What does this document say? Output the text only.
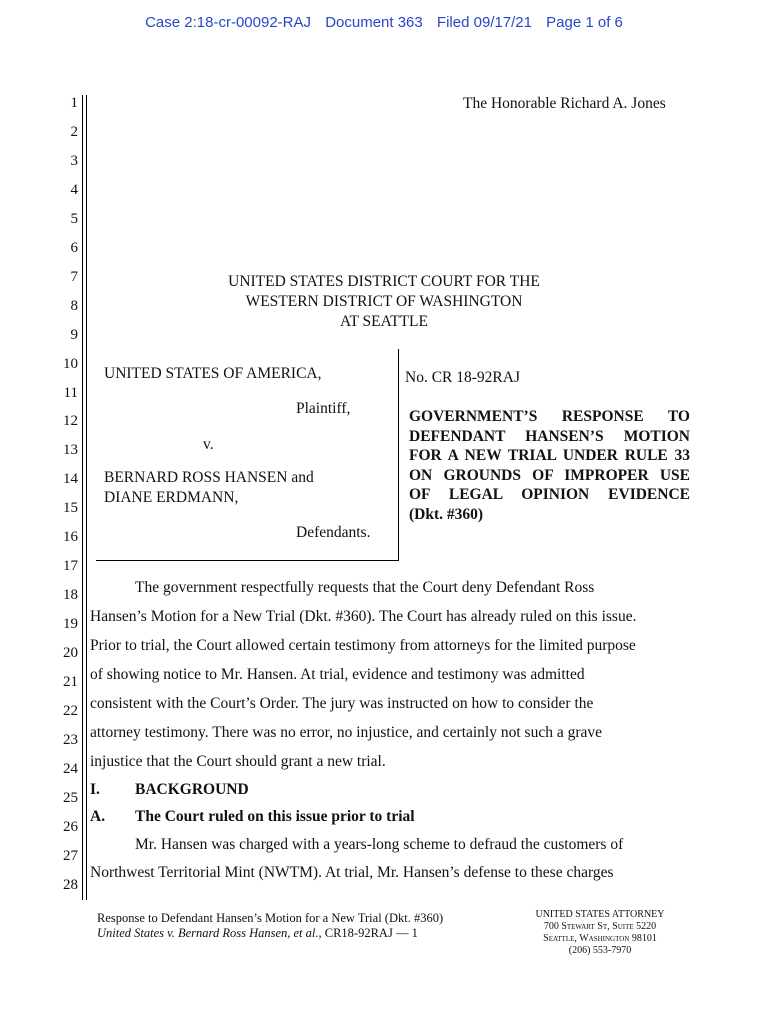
Case 2:18-cr-00092-RAJ Document 363 Filed 09/17/21 Page 1 of 6
1
2
3
4
5
6
7
8
9
10
11
12
13
14
15
16
17
18
19
20
21
22
23
24
25
26
27
28
The Honorable Richard A. Jones
UNITED STATES DISTRICT COURT FOR THE
WESTERN DISTRICT OF WASHINGTON
AT SEATTLE
UNITED STATES OF AMERICA,
Plaintiff,
v.
BERNARD ROSS HANSEN and
DIANE ERDMANN,
Defendants.
No. CR 18-92RAJ
GOVERNMENT’S RESPONSE TO
DEFENDANT HANSEN’S MOTION
FOR A NEW TRIAL UNDER RULE 33
ON GROUNDS OF IMPROPER USE
OF LEGAL OPINION EVIDENCE
(Dkt. #360)
The government respectfully requests that the Court deny Defendant Ross
Hansen’s Motion for a New Trial (Dkt. #360). The Court has already ruled on this issue.
Prior to trial, the Court allowed certain testimony from attorneys for the limited purpose
of showing notice to Mr. Hansen. At trial, evidence and testimony was admitted
consistent with the Court’s Order. The jury was instructed on how to consider the
attorney testimony. There was no error, no injustice, and certainly not such a grave
injustice that the Court should grant a new trial.
I. BACKGROUND
A. The Court ruled on this issue prior to trial
Mr. Hansen was charged with a years-long scheme to defraud the customers of
Northwest Territorial Mint (NWTM). At trial, Mr. Hansen’s defense to these charges
Response to Defendant Hansen’s Motion for a New Trial (Dkt. #360)
United States v. Bernard Ross Hansen, et al., CR18-92RAJ — 1
UNITED STATES ATTORNEY
700 Stewart St, Suite 5220
Seattle, Washington 98101
(206) 553-7970
